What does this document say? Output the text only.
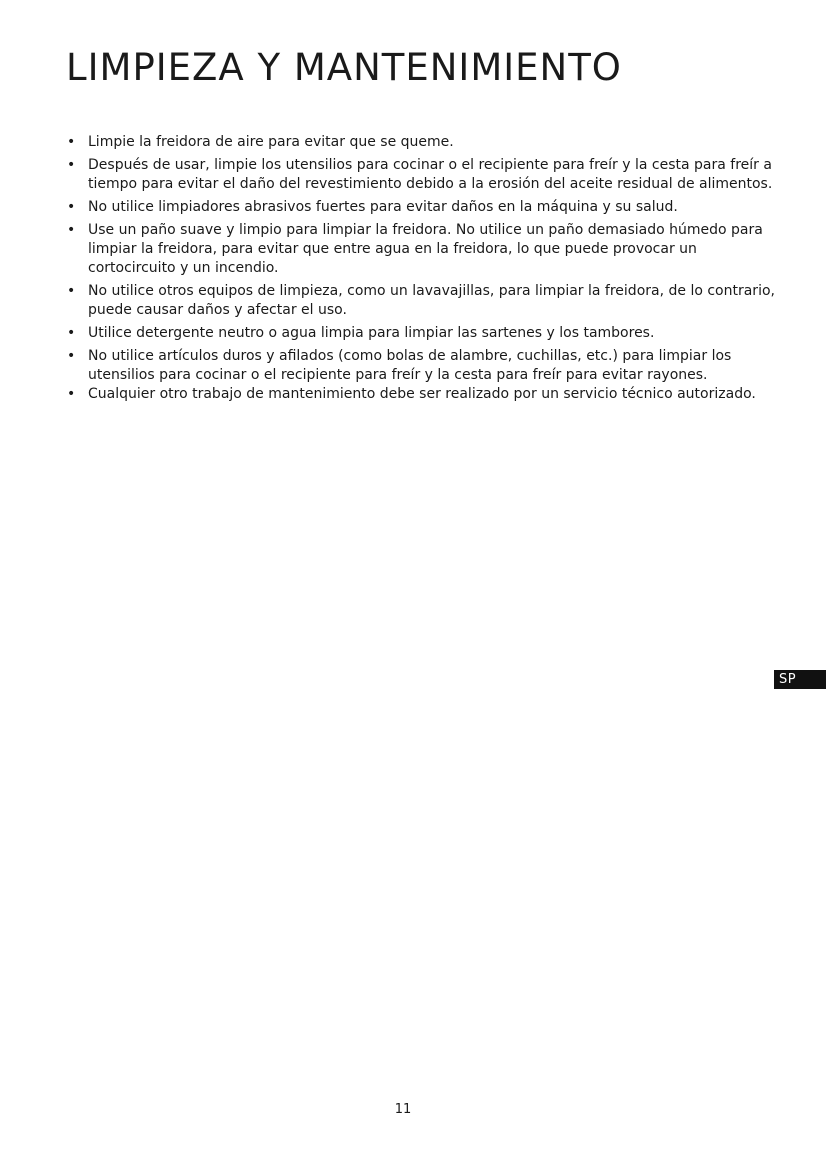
LIMPIEZA Y MANTENIMIENTO
• Limpie la freidora de aire para evitar que se queme.
• Después de usar, limpie los utensilios para cocinar o el recipiente para freír y la cesta para freír a tiempo para evitar el daño del revestimiento debido a la erosión del aceite residual de alimentos.
• No utilice limpiadores abrasivos fuertes para evitar daños en la máquina y su salud.
• Use un paño suave y limpio para limpiar la freidora. No utilice un paño demasiado húmedo para limpiar la freidora, para evitar que entre agua en la freidora, lo que puede provocar un cortocircuito y un incendio.
• No utilice otros equipos de limpieza, como un lavavajillas, para limpiar la freidora, de lo contrario, puede causar daños y afectar el uso.
• Utilice detergente neutro o agua limpia para limpiar las sartenes y los tambores.
• No utilice artículos duros y afilados (como bolas de alambre, cuchillas, etc.) para limpiar los utensilios para cocinar o el recipiente para freír y la cesta para freír para evitar rayones.
• Cualquier otro trabajo de mantenimiento debe ser realizado por un servicio técnico autorizado.
SP
11
